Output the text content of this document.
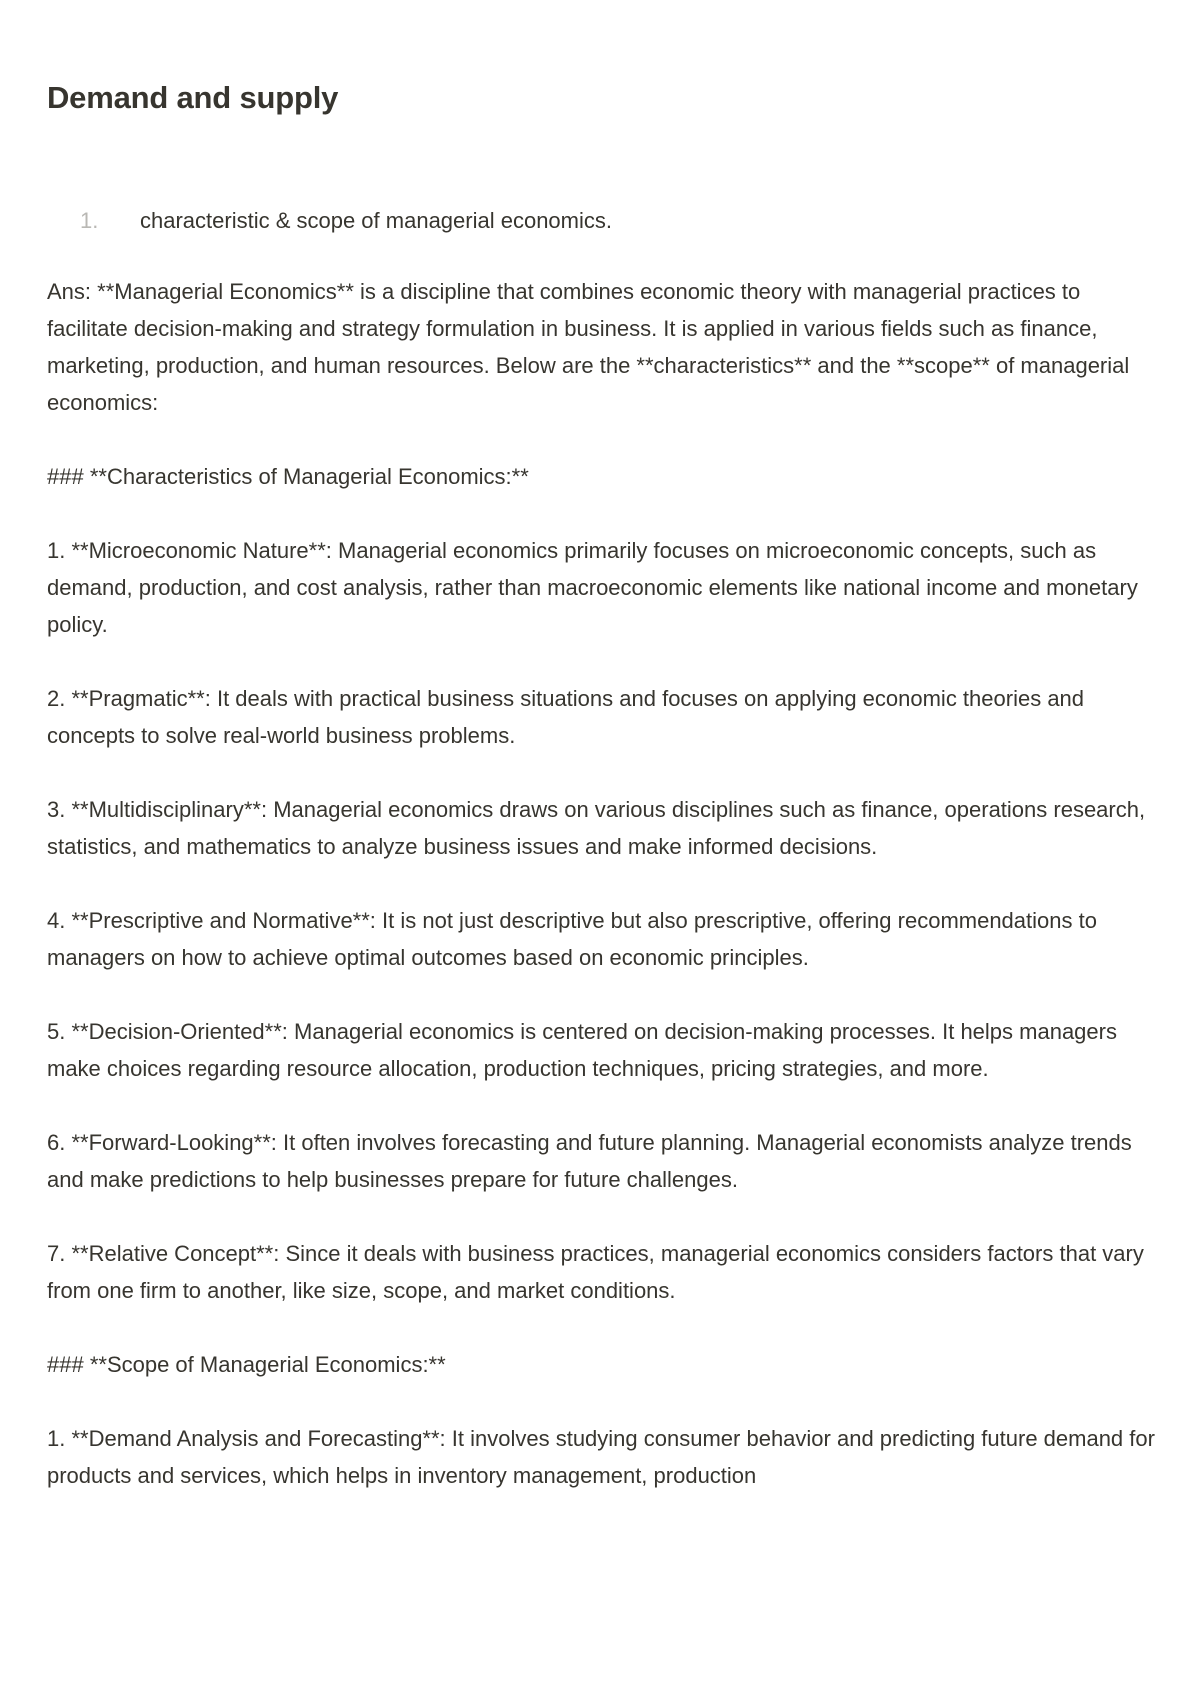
Demand and supply
1.	characteristic & scope of managerial economics.

Ans: **Managerial Economics** is a discipline that combines economic theory with managerial practices to facilitate decision-making and strategy formulation in business. It is applied in various fields such as finance, marketing, production, and human resources. Below are the **characteristics** and the **scope** of managerial economics:

### **Characteristics of Managerial Economics:**

1. **Microeconomic Nature**: Managerial economics primarily focuses on microeconomic concepts, such as demand, production, and cost analysis, rather than macroeconomic elements like national income and monetary policy.

2. **Pragmatic**: It deals with practical business situations and focuses on applying economic theories and concepts to solve real-world business problems.

3. **Multidisciplinary**: Managerial economics draws on various disciplines such as finance, operations research, statistics, and mathematics to analyze business issues and make informed decisions.

4. **Prescriptive and Normative**: It is not just descriptive but also prescriptive, offering recommendations to managers on how to achieve optimal outcomes based on economic principles.

5. **Decision-Oriented**: Managerial economics is centered on decision-making processes. It helps managers make choices regarding resource allocation, production techniques, pricing strategies, and more.

6. **Forward-Looking**: It often involves forecasting and future planning. Managerial economists analyze trends and make predictions to help businesses prepare for future challenges.

7. **Relative Concept**: Since it deals with business practices, managerial economics considers factors that vary from one firm to another, like size, scope, and market conditions.

### **Scope of Managerial Economics:**

1. **Demand Analysis and Forecasting**: It involves studying consumer behavior and predicting future demand for products and services, which helps in inventory management, production
